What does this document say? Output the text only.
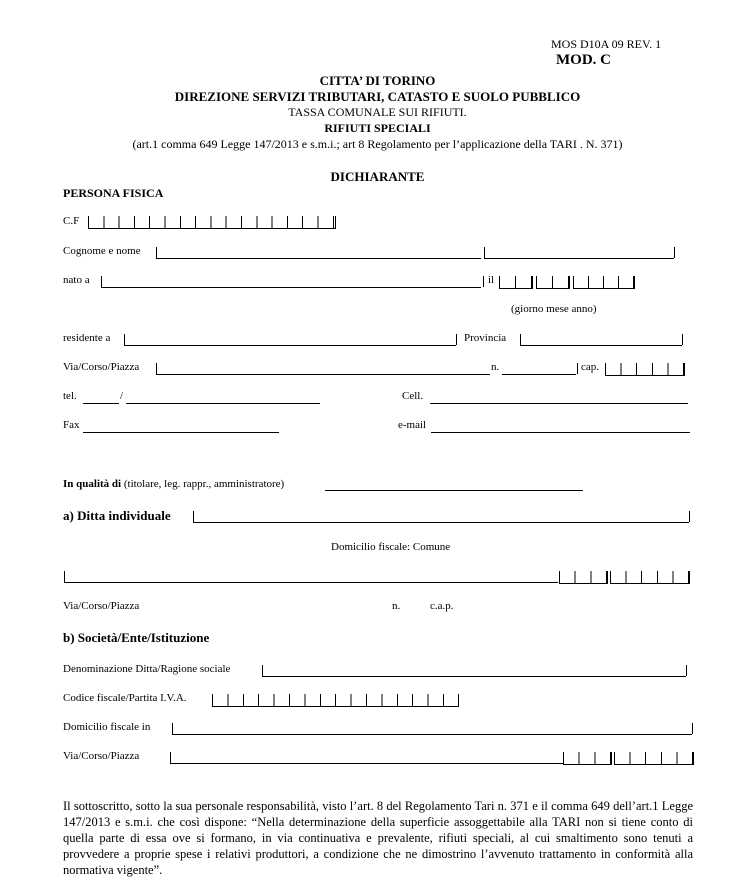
MOS D10A 09 REV. 1
MOD. C
CITTA’ DI TORINO
DIREZIONE SERVIZI TRIBUTARI, CATASTO E SUOLO PUBBLICO
TASSA COMUNALE SUI RIFIUTI.
RIFIUTI SPECIALI
(art.1 comma 649 Legge 147/2013 e s.m.i.; art 8 Regolamento per l’applicazione della TARI . N. 371)
DICHIARANTE
PERSONA FISICA
C.F
Cognome e nome
nato a	il
(giorno mese anno)
residente a	Provincia
Via/Corso/Piazza	n.	cap.
tel.	/	Cell.
Fax	e-mail
In qualità di (titolare, leg. rappr., amministratore)
a) Ditta individuale
Domicilio fiscale: Comune
Via/Corso/Piazza	n.	c.a.p.
b) Società/Ente/Istituzione
Denominazione Ditta/Ragione sociale
Codice fiscale/Partita I.V.A.
Domicilio fiscale in
Via/Corso/Piazza
Il sottoscritto, sotto la sua personale responsabilità, visto l’art. 8 del Regolamento Tari n. 371 e il comma 649 dell’art.1 Legge 147/2013 e s.m.i. che così dispone: “Nella determinazione della superficie assoggettabile alla TARI non si tiene conto di quella parte di essa ove si formano, in via continuativa e prevalente, rifiuti speciali, al cui smaltimento sono tenuti a provvedere a proprie spese i relativi produttori, a condizione che ne dimostrino l’avvenuto trattamento in conformità alla normativa vigente”.
